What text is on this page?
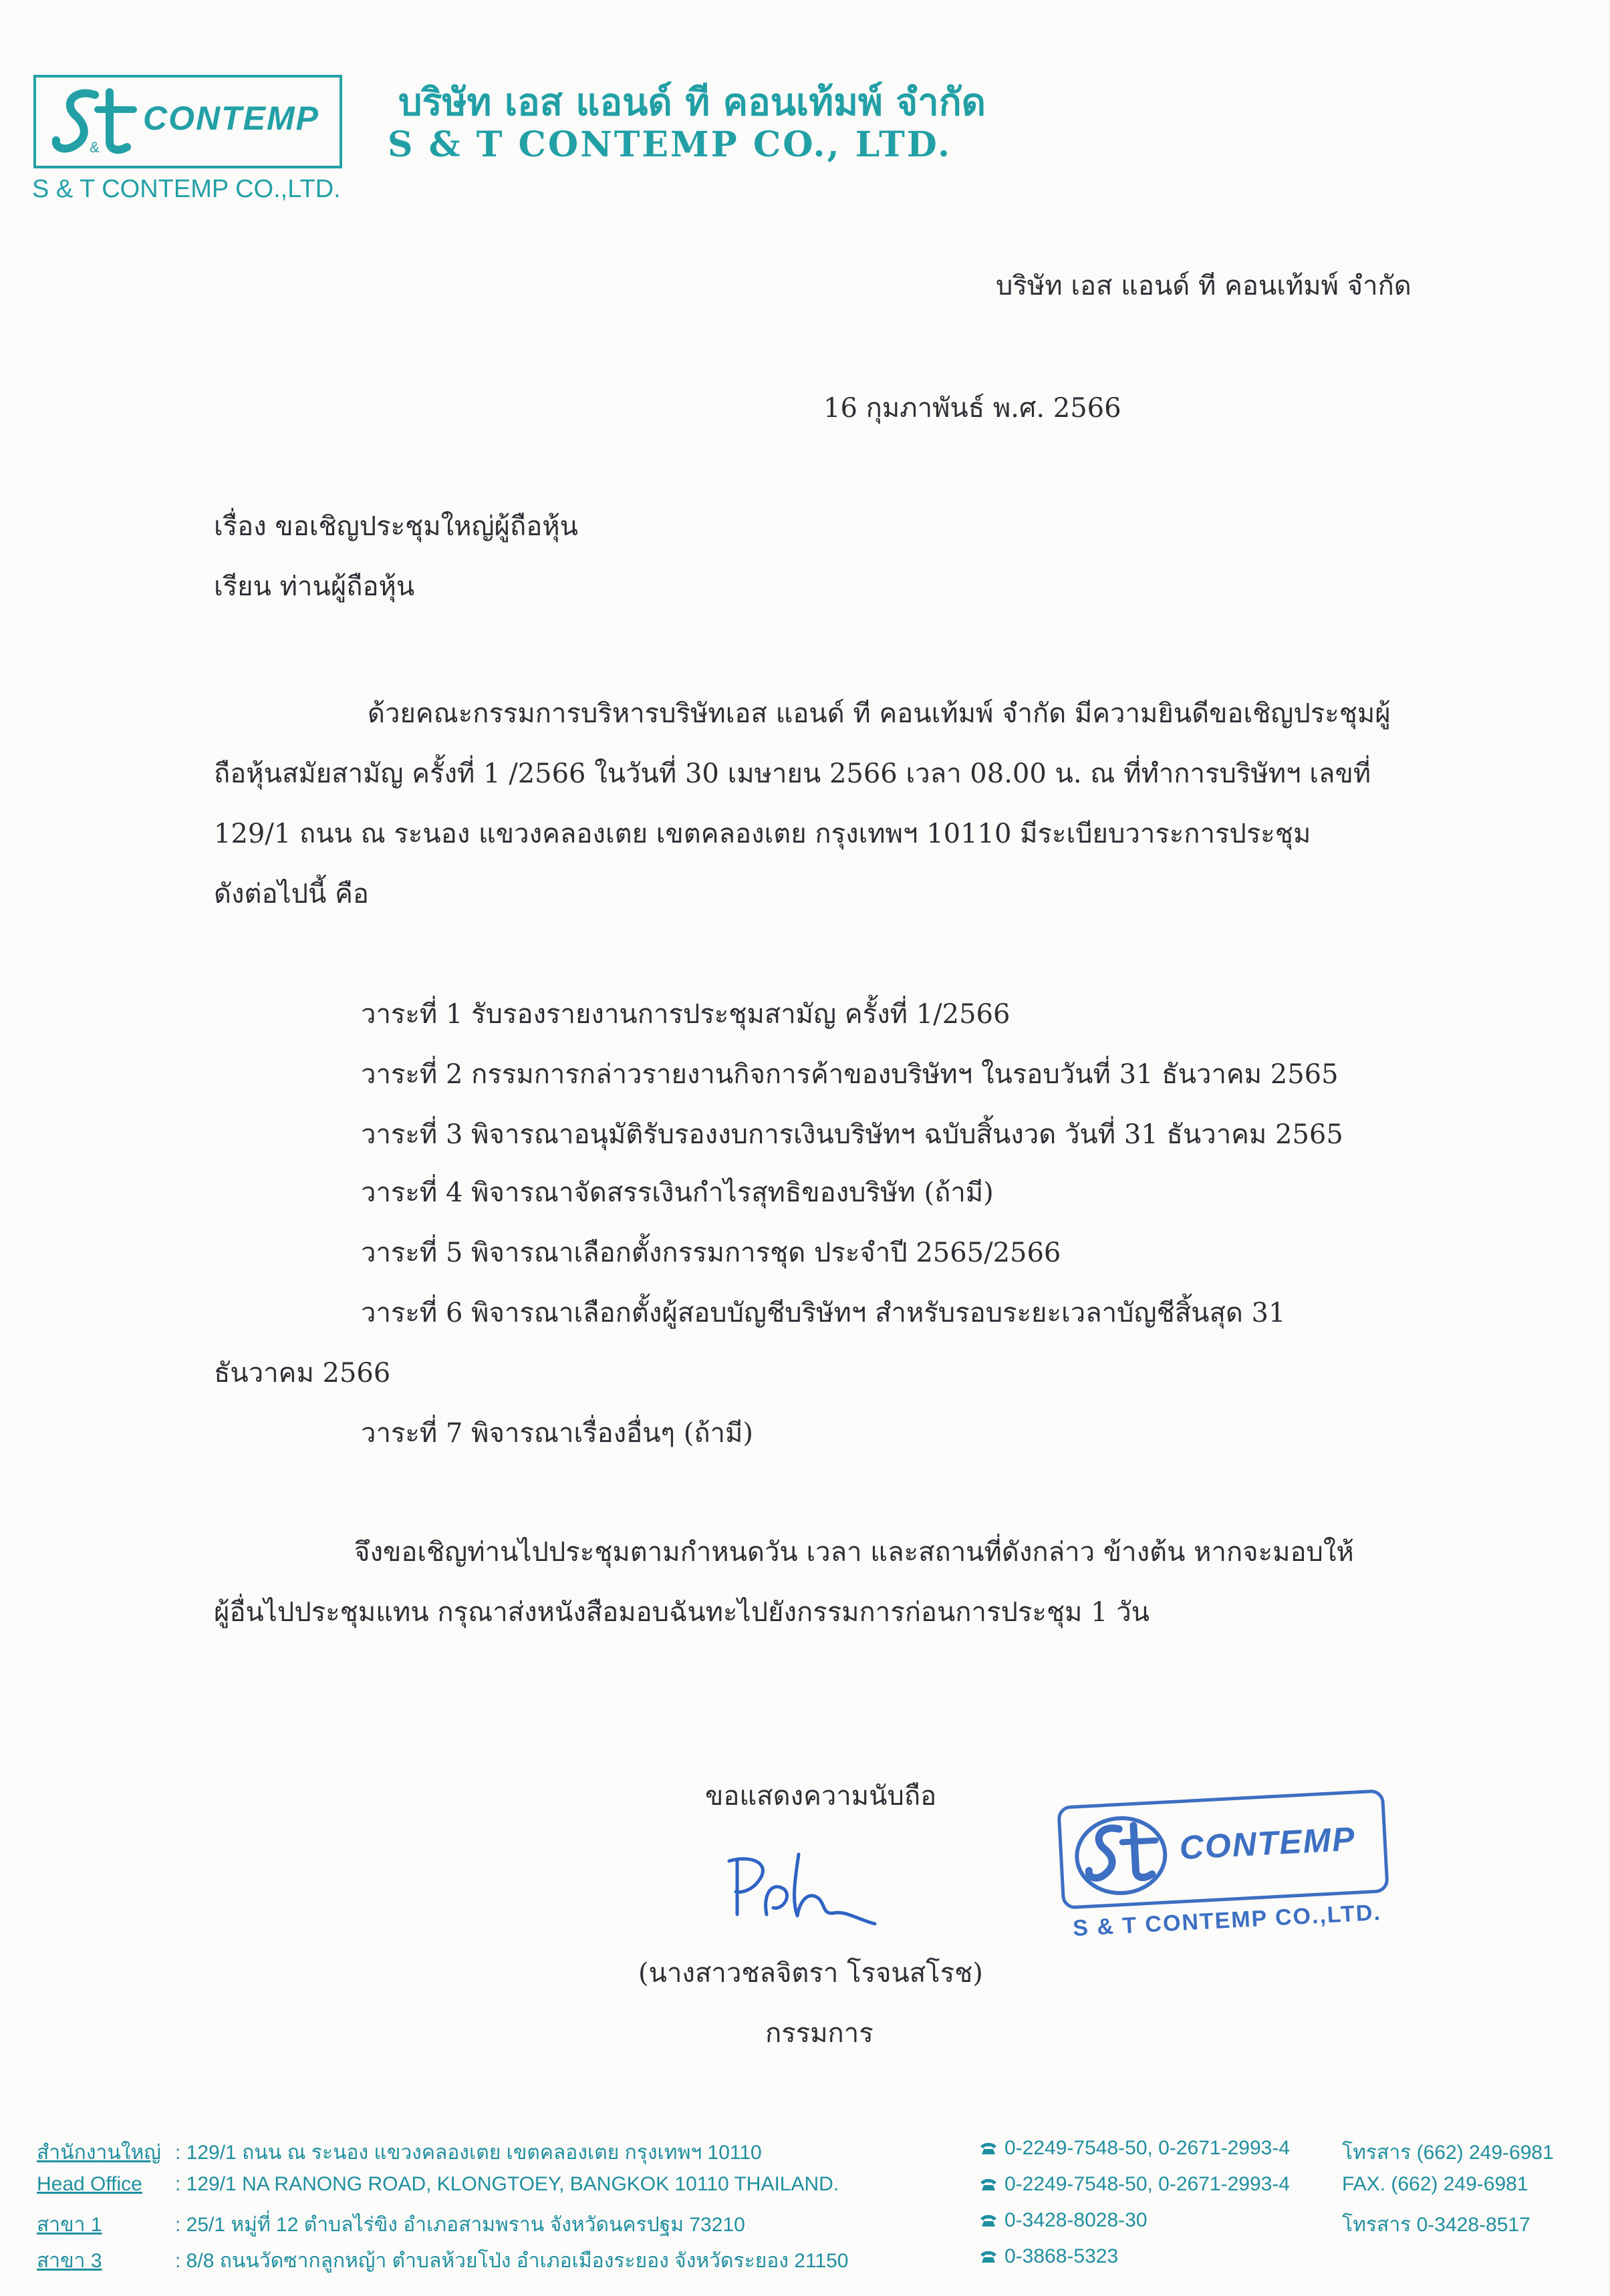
&
CONTEMP
S & T CONTEMP CO.,LTD.
บริษัท เอส แอนด์ ที คอนเท้มพ์ จำกัด
S & T CONTEMP CO., LTD.
บริษัท เอส แอนด์ ที คอนเท้มพ์ จำกัด
16 กุมภาพันธ์ พ.ศ. 2566
เรื่อง ขอเชิญประชุมใหญ่ผู้ถือหุ้น
เรียน ท่านผู้ถือหุ้น
ด้วยคณะกรรมการบริหารบริษัทเอส แอนด์ ที คอนเท้มพ์ จำกัด มีความยินดีขอเชิญประชุมผู้
ถือหุ้นสมัยสามัญ ครั้งที่ 1 /2566 ในวันที่ 30 เมษายน 2566 เวลา 08.00 น. ณ ที่ทำการบริษัทฯ เลขที่
129/1 ถนน ณ ระนอง แขวงคลองเตย เขตคลองเตย กรุงเทพฯ 10110 มีระเบียบวาระการประชุม
ดังต่อไปนี้ คือ
วาระที่ 1 รับรองรายงานการประชุมสามัญ ครั้งที่ 1/2566
วาระที่ 2 กรรมการกล่าวรายงานกิจการค้าของบริษัทฯ ในรอบวันที่ 31 ธันวาคม 2565
วาระที่ 3 พิจารณาอนุมัติรับรองงบการเงินบริษัทฯ ฉบับสิ้นงวด วันที่ 31 ธันวาคม 2565
วาระที่ 4 พิจารณาจัดสรรเงินกำไรสุทธิของบริษัท (ถ้ามี)
วาระที่ 5 พิจารณาเลือกตั้งกรรมการชุด ประจำปี 2565/2566
วาระที่ 6 พิจารณาเลือกตั้งผู้สอบบัญชีบริษัทฯ สำหรับรอบระยะเวลาบัญชีสิ้นสุด 31
ธันวาคม 2566
วาระที่ 7 พิจารณาเรื่องอื่นๆ (ถ้ามี)
จึงขอเชิญท่านไปประชุมตามกำหนดวัน เวลา และสถานที่ดังกล่าว ข้างต้น หากจะมอบให้
ผู้อื่นไปประชุมแทน กรุณาส่งหนังสือมอบฉันทะไปยังกรรมการก่อนการประชุม 1 วัน
ขอแสดงความนับถือ
CONTEMP
S & T CONTEMP CO.,LTD.
(นางสาวชลจิตรา โรจนสโรช)
กรรมการ
สำนักงานใหญ่ : 129/1 ถนน ณ ระนอง แขวงคลองเตย เขตคลองเตย กรุงเทพฯ 10110	0-2249-7548-50, 0-2671-2993-4	โทรสาร (662) 249-6981
Head Office : 129/1 NA RANONG ROAD, KLONGTOEY, BANGKOK 10110 THAILAND.	0-2249-7548-50, 0-2671-2993-4	FAX. (662) 249-6981
สาขา 1	: 25/1 หมู่ที่ 12 ตำบลไร่ขิง อำเภอสามพราน จังหวัดนครปฐม 73210	0-3428-8028-30	โทรสาร 0-3428-8517
สาขา 3	: 8/8 ถนนวัดซากลูกหญ้า ตำบลห้วยโป่ง อำเภอเมืองระยอง จังหวัดระยอง 21150	0-3868-5323
